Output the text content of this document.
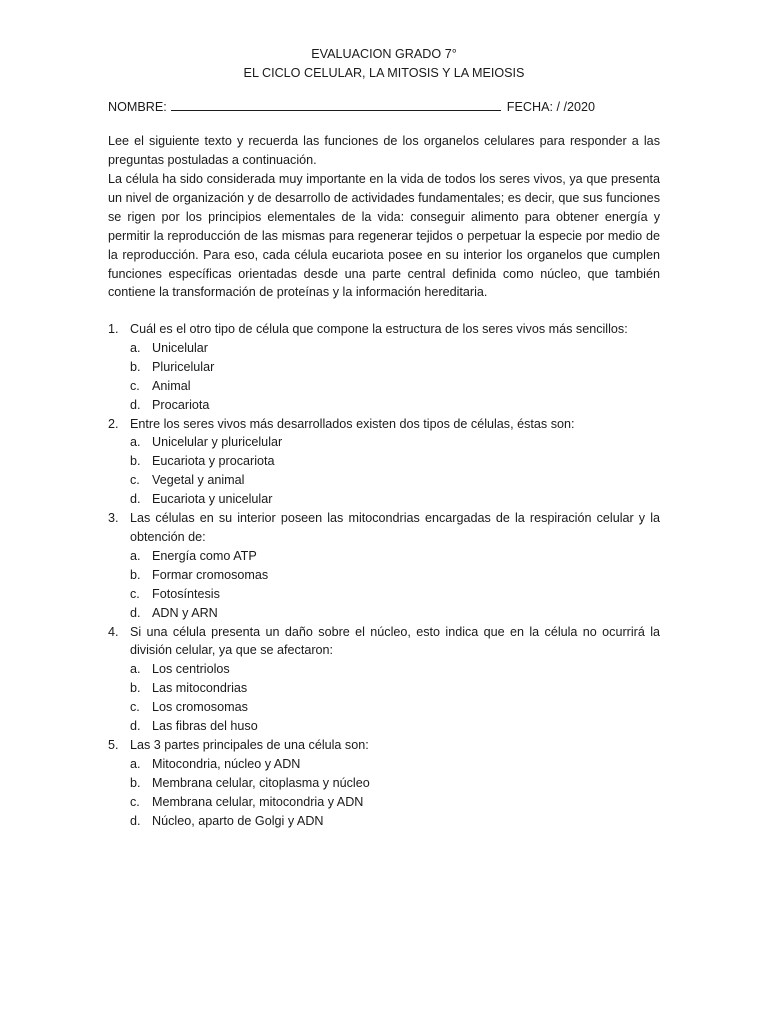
EVALUACION GRADO 7°
EL CICLO CELULAR, LA MITOSIS Y LA MEIOSIS
NOMBRE:	FECHA: / /2020

Lee el siguiente texto y recuerda las funciones de los organelos celulares para responder a las preguntas postuladas a continuación.

La célula ha sido considerada muy importante en la vida de todos los seres vivos, ya que presenta un nivel de organización y de desarrollo de actividades fundamentales; es decir, que sus funciones se rigen por los principios elementales de la vida: conseguir alimento para obtener energía y permitir la reproducción de las mismas para regenerar tejidos o perpetuar la especie por medio de la reproducción. Para eso, cada célula eucariota posee en su interior los organelos que cumplen funciones específicas orientadas desde una parte central definida como núcleo, que también contiene la transformación de proteínas y la información hereditaria.

1. Cuál es el otro tipo de célula que compone la estructura de los seres vivos más sencillos:
a. Unicelular
b. Pluricelular
c. Animal
d. Procariota
2. Entre los seres vivos más desarrollados existen dos tipos de células, éstas son:
a. Unicelular y pluricelular
b. Eucariota y procariota
c. Vegetal y animal
d. Eucariota y unicelular
3. Las células en su interior poseen las mitocondrias encargadas de la respiración celular y la obtención de:
a. Energía como ATP
b. Formar cromosomas
c. Fotosíntesis
d. ADN y ARN
4. Si una célula presenta un daño sobre el núcleo, esto indica que en la célula no ocurrirá la división celular, ya que se afectaron:
a. Los centriolos
b. Las mitocondrias
c. Los cromosomas
d. Las fibras del huso
5. Las 3 partes principales de una célula son:
a. Mitocondria, núcleo y ADN
b. Membrana celular, citoplasma y núcleo
c. Membrana celular, mitocondria y ADN
d. Núcleo, aparto de Golgi y ADN
